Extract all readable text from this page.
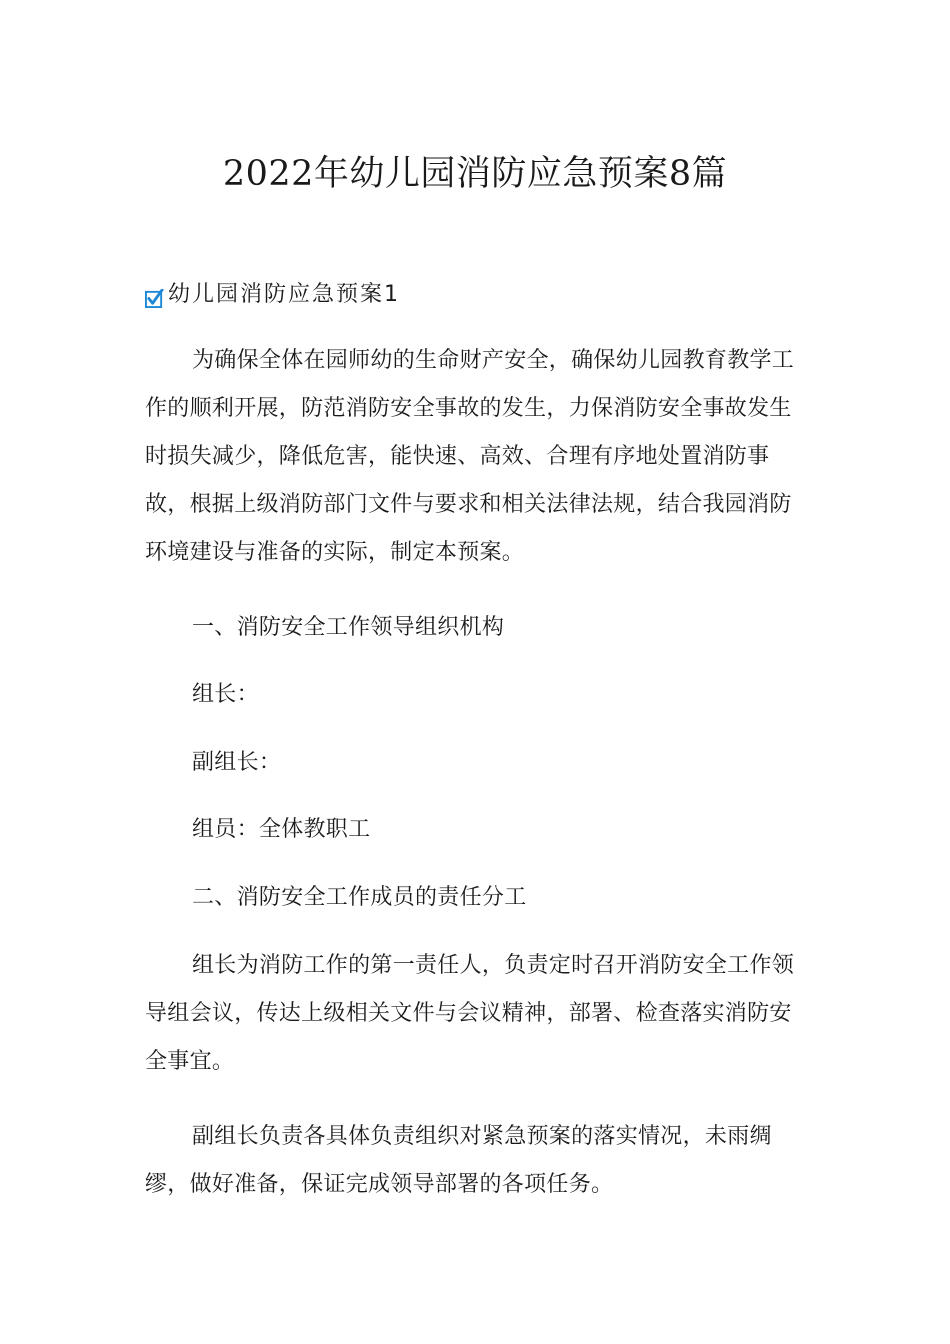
2022年幼儿园消防应急预案8篇
幼儿园消防应急预案1

为确保全体在园师幼的生命财产安全，确保幼儿园教育教学工作的顺利开展，防范消防安全事故的发生，力保消防安全事故发生时损失减少，降低危害，能快速、高效、合理有序地处置消防事故，根据上级消防部门文件与要求和相关法律法规，结合我园消防环境建设与准备的实际，制定本预案。

一、消防安全工作领导组织机构

组长：

副组长：

组员：全体教职工

二、消防安全工作成员的责任分工

组长为消防工作的第一责任人，负责定时召开消防安全工作领导组会议，传达上级相关文件与会议精神，部署、检查落实消防安全事宜。

副组长负责各具体负责组织对紧急预案的落实情况，未雨绸缪，做好准备，保证完成领导部署的各项任务。
